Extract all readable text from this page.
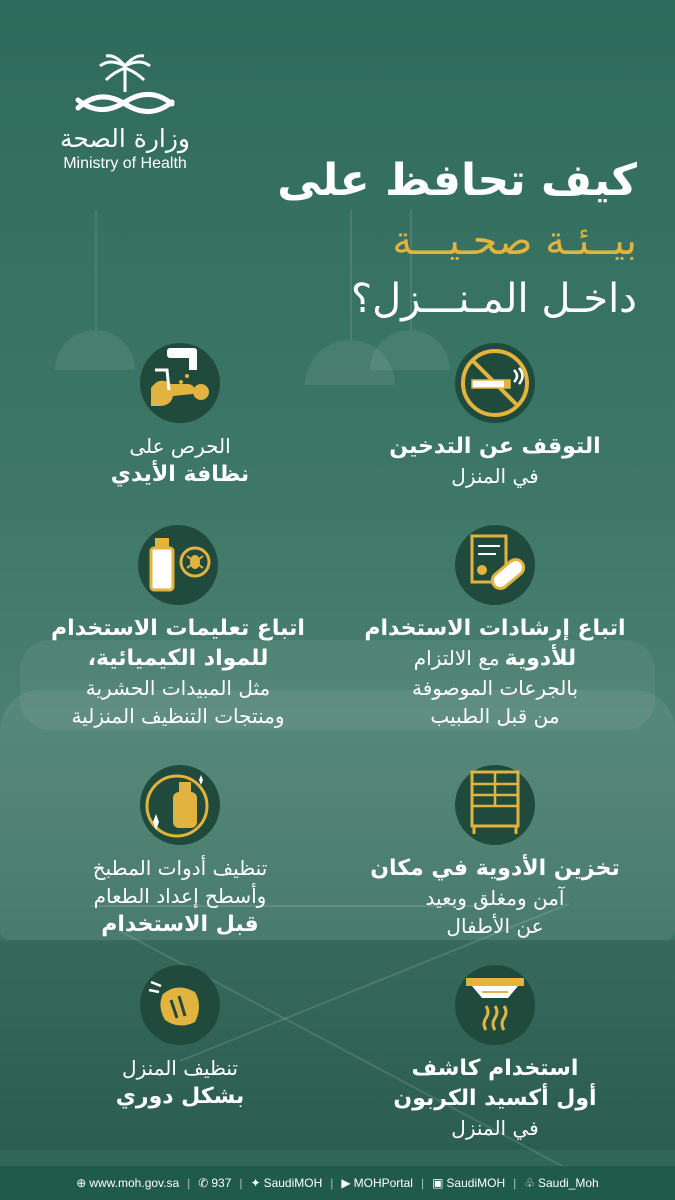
وزارة الصحة
Ministry of Health	كيف تحافظ على
بيــئـة صحـيـــة
داخـل المـنـــزل؟
التوقف عن التدخين
في المنزل
الحرص على
نظافة الأيدي
اتباع إرشادات الاستخدام
للأدوية مع الالتزام
بالجرعات الموصوفة
من قبل الطبيب
اتباع تعليمات الاستخدام
للمواد الكيميائية،
مثل المبيدات الحشرية
ومنتجات التنظيف المنزلية
تخزين الأدوية في مكان
آمن ومغلق وبعيد
عن الأطفال
تنظيف أدوات المطبخ
وأسطح إعداد الطعام
قبل الاستخدام
استخدام كاشف
أول أكسيد الكربون
في المنزل
تنظيف المنزل
بشكل دوري
⊕ www.moh.gov.sa | ✆ 937 | ✦ SaudiMOH | ▶ MOHPortal | ▣ SaudiMOH | ♧ Saudi_Moh
